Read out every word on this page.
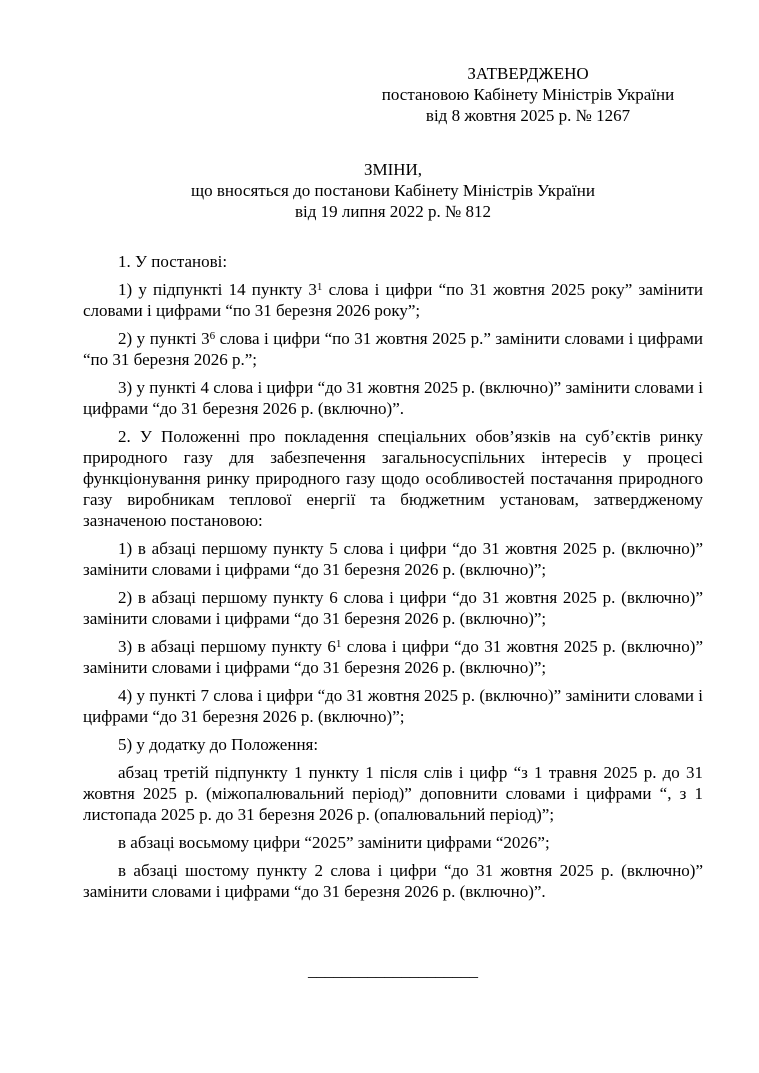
ЗАТВЕРДЖЕНО
постановою Кабінету Міністрів України
від 8 жовтня 2025 р. № 1267
ЗМІНИ,
що вносяться до постанови Кабінету Міністрів України
від 19 липня 2022 р. № 812

1. У постанові:

1) у підпункті 14 пункту $3^1$ слова і цифри “по 31 жовтня 2025 року” замінити словами і цифрами “по 31 березня 2026 року”;

2) у пункті $3^6$ слова і цифри “по 31 жовтня 2025 р.” замінити словами і цифрами “по 31 березня 2026 р.”;

3) у пункті 4 слова і цифри “до 31 жовтня 2025 р. (включно)” замінити словами і цифрами “до 31 березня 2026 р. (включно)”.

2. У Положенні про покладення спеціальних обов’язків на суб’єктів ринку природного газу для забезпечення загальносуспільних інтересів у процесі функціонування ринку природного газу щодо особливостей постачання природного газу виробникам теплової енергії та бюджетним установам, затвердженому зазначеною постановою:

1) в абзаці першому пункту 5 слова і цифри “до 31 жовтня 2025 р. (включно)” замінити словами і цифрами “до 31 березня 2026 р. (включно)”;

2) в абзаці першому пункту 6 слова і цифри “до 31 жовтня 2025 р. (включно)” замінити словами і цифрами “до 31 березня 2026 р. (включно)”;

3) в абзаці першому пункту $6^1$ слова і цифри “до 31 жовтня 2025 р. (включно)” замінити словами і цифрами “до 31 березня 2026 р. (включно)”;

4) у пункті 7 слова і цифри “до 31 жовтня 2025 р. (включно)” замінити словами і цифрами “до 31 березня 2026 р. (включно)”;

5) у додатку до Положення:

абзац третій підпункту 1 пункту 1 після слів і цифр “з 1 травня 2025 р. до 31 жовтня 2025 р. (міжопалювальний період)” доповнити словами і цифрами “, з 1 листопада 2025 р. до 31 березня 2026 р. (опалювальний період)”;

в абзаці восьмому цифри “2025” замінити цифрами “2026”;

в абзаці шостому пункту 2 слова і цифри “до 31 жовтня 2025 р. (включно)” замінити словами і цифрами “до 31 березня 2026 р. (включно)”.

____________________
